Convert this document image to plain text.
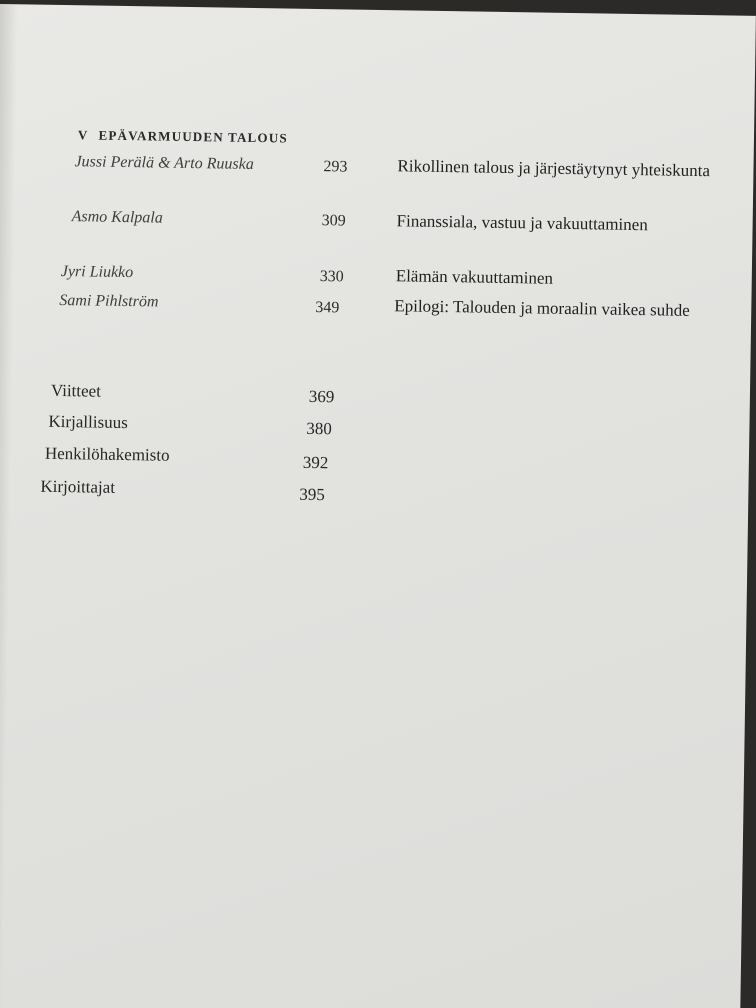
V EPÄVARMUUDEN TALOUS
Jussi Perälä & Arto Ruuska	293	Rikollinen talous ja järjestäytynyt yhteiskunta
Asmo Kalpala	309	Finanssiala, vastuu ja vakuuttaminen
Jyri Liukko	330	Elämän vakuuttaminen
Sami Pihlström	349	Epilogi: Talouden ja moraalin vaikea suhde
Viitteet	369
Kirjallisuus	380
Henkilöhakemisto	392
Kirjoittajat	395
